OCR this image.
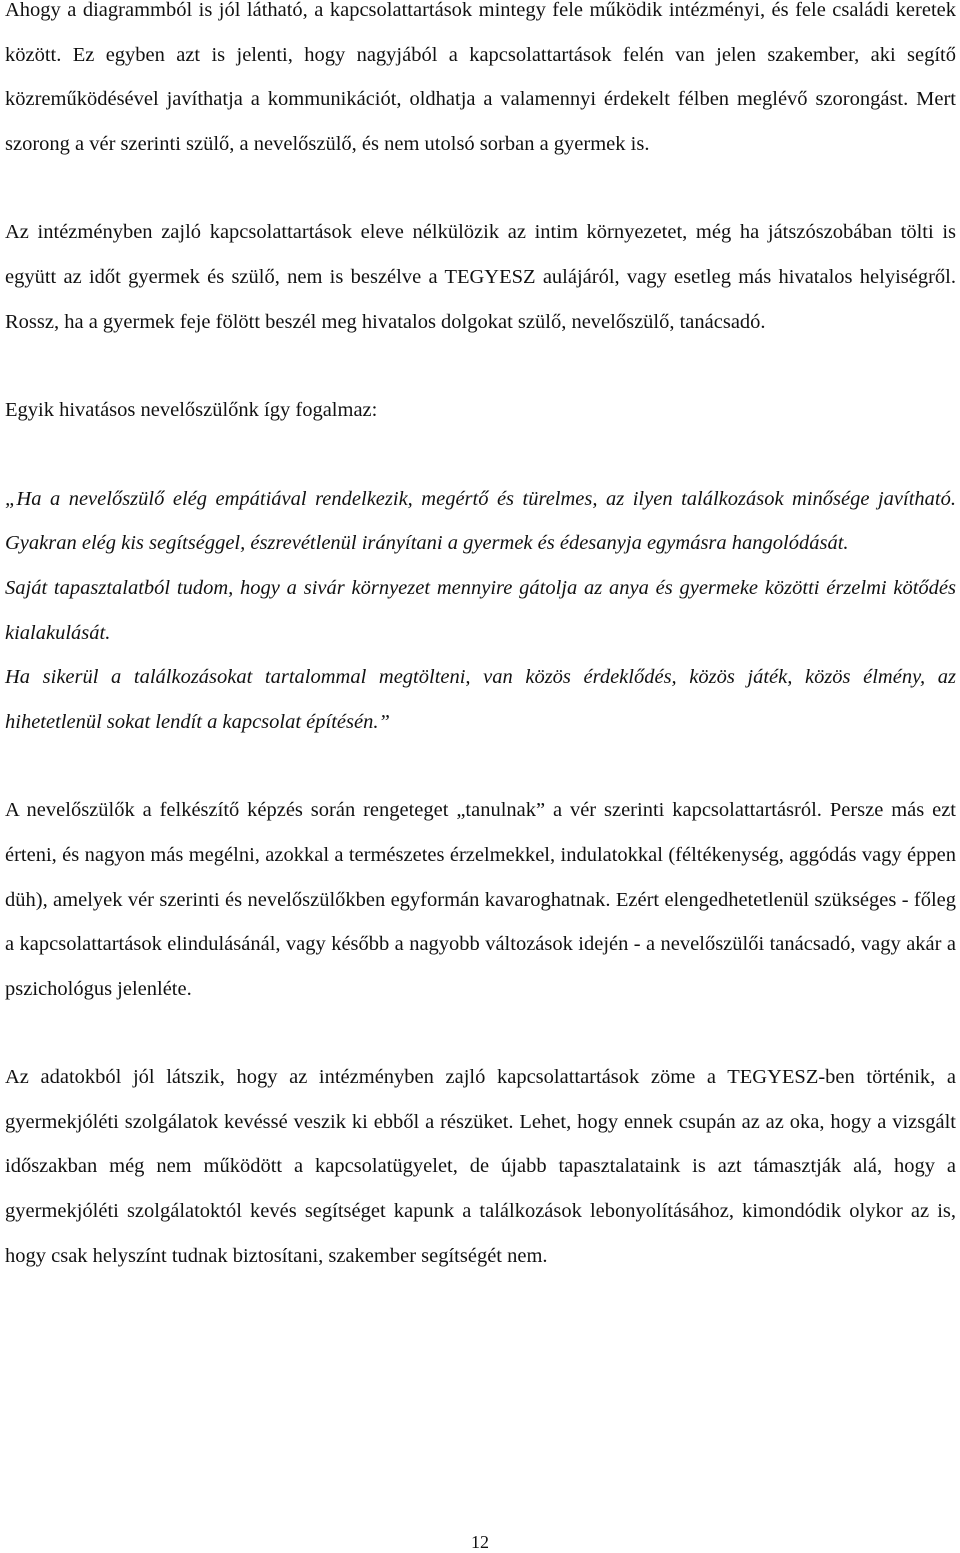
Ahogy a diagrammból is jól látható, a kapcsolattartások mintegy fele működik intézményi, és fele családi keretek között. Ez egyben azt is jelenti, hogy nagyjából a kapcsolattartások felén van jelen szakember, aki segítő közreműködésével javíthatja a kommunikációt, oldhatja a valamennyi érdekelt félben meglévő szorongást. Mert szorong a vér szerinti szülő, a nevelőszülő, és nem utolsó sorban a gyermek is.

Az intézményben zajló kapcsolattartások eleve nélkülözik az intim környezetet, még ha játszószobában tölti is együtt az időt gyermek és szülő, nem is beszélve a TEGYESZ aulájáról, vagy esetleg más hivatalos helyiségről. Rossz, ha a gyermek feje fölött beszél meg hivatalos dolgokat szülő, nevelőszülő, tanácsadó.

Egyik hivatásos nevelőszülőnk így fogalmaz:

„Ha a nevelőszülő elég empátiával rendelkezik, megértő és türelmes, az ilyen találkozások minősége javítható. Gyakran elég kis segítséggel, észrevétlenül irányítani a gyermek és édesanyja egymásra hangolódását.

Saját tapasztalatból tudom, hogy a sivár környezet mennyire gátolja az anya és gyermeke közötti érzelmi kötődés kialakulását.

Ha sikerül a találkozásokat tartalommal megtölteni, van közös érdeklődés, közös játék, közös élmény, az hihetetlenül sokat lendít a kapcsolat építésén.”

A nevelőszülők a felkészítő képzés során rengeteget „tanulnak” a vér szerinti kapcsolattartásról. Persze más ezt érteni, és nagyon más megélni, azokkal a természetes érzelmekkel, indulatokkal (féltékenység, aggódás vagy éppen düh), amelyek vér szerinti és nevelőszülőkben egyformán kavaroghatnak. Ezért elengedhetetlenül szükséges - főleg a kapcsolattartások elindulásánál, vagy később a nagyobb változások idején - a nevelőszülői tanácsadó, vagy akár a pszichológus jelenléte.

Az adatokból jól látszik, hogy az intézményben zajló kapcsolattartások zöme a TEGYESZ-ben történik, a gyermekjóléti szolgálatok kevéssé veszik ki ebből a részüket. Lehet, hogy ennek csupán az az oka, hogy a vizsgált időszakban még nem működött a kapcsolatügyelet, de újabb tapasztalataink is azt támasztják alá, hogy a gyermekjóléti szolgálatoktól kevés segítséget kapunk a találkozások lebonyolításához, kimondódik olykor az is, hogy csak helyszínt tudnak biztosítani, szakember segítségét nem.

12
